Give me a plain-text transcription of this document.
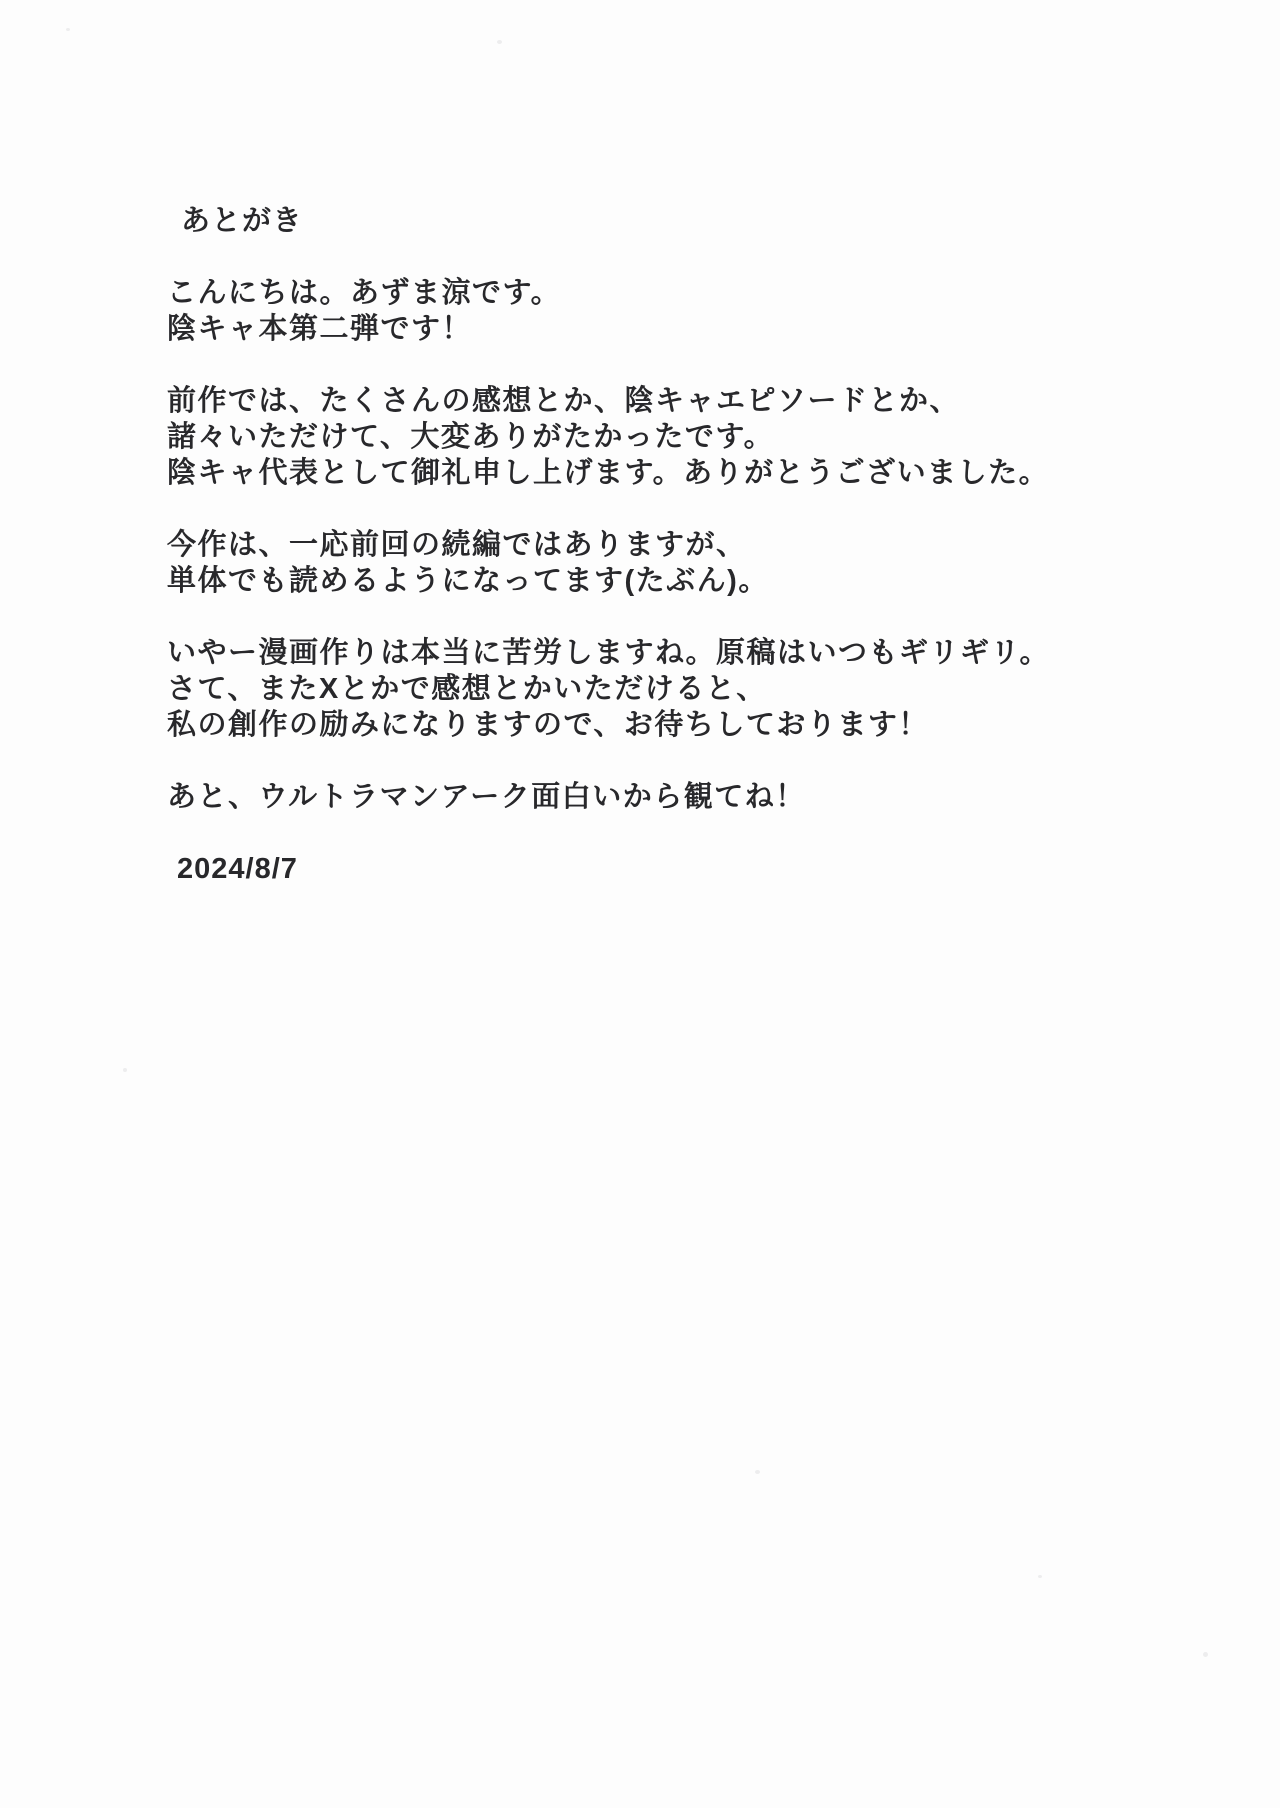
あとがき
こんにちは。あずま涼です。
陰キャ本第二弾です！
前作では、たくさんの感想とか、陰キャエピソードとか、
諸々いただけて、大変ありがたかったです。
陰キャ代表として御礼申し上げます。ありがとうございました。
今作は、一応前回の続編ではありますが、
単体でも読めるようになってます(たぶん)。
いやー漫画作りは本当に苦労しますね。原稿はいつもギリギリ。
さて、またXとかで感想とかいただけると、
私の創作の励みになりますので、お待ちしております！
あと、ウルトラマンアーク面白いから観てね！
2024/8/7
